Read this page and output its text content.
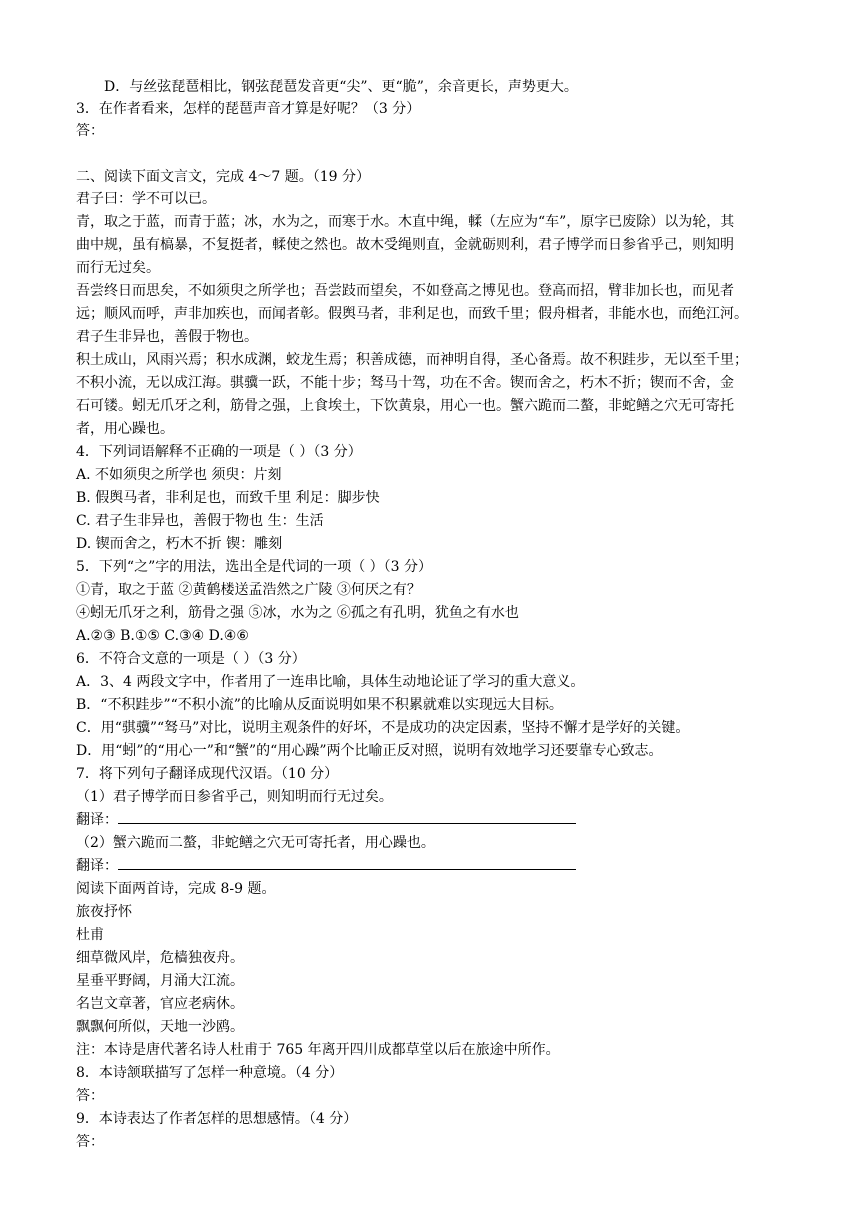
D．与丝弦琵琶相比，钢弦琵琶发音更“尖”、更“脆”，余音更长，声势更大。
3．在作者看来，怎样的琵琶声音才算是好呢？（3 分）
答：
二、阅读下面文言文，完成 4～7 题。（19 分）
君子曰：学不可以已。
青，取之于蓝，而青于蓝；冰，水为之，而寒于水。木直中绳，輮（左应为“车”，原字已废除）以为轮，其
曲中规，虽有槁暴，不复挺者，輮使之然也。故木受绳则直，金就砺则利，君子博学而日参省乎己，则知明
而行无过矣。
吾尝终日而思矣，不如须臾之所学也；吾尝跂而望矣，不如登高之博见也。登高而招，臂非加长也，而见者
远；顺风而呼，声非加疾也，而闻者彰。假舆马者，非利足也，而致千里；假舟楫者，非能水也，而绝江河。
君子生非异也，善假于物也。
积土成山，风雨兴焉；积水成渊，蛟龙生焉；积善成德，而神明自得，圣心备焉。故不积跬步，无以至千里；
不积小流，无以成江海。骐骥一跃，不能十步；驽马十驾，功在不舍。锲而舍之，朽木不折；锲而不舍，金
石可镂。蚓无爪牙之利，筋骨之强，上食埃土，下饮黄泉，用心一也。蟹六跪而二螯，非蛇鳝之穴无可寄托
者，用心躁也。
4．下列词语解释不正确的一项是（ ）（3 分）
A. 不如须臾之所学也 须臾：片刻
B. 假舆马者，非利足也，而致千里 利足：脚步快
C. 君子生非异也，善假于物也 生：生活
D. 锲而舍之，朽木不折 锲：雕刻
5．下列“之”字的用法，选出全是代词的一项（ ）（3 分）
①青，取之于蓝 ②黄鹤楼送孟浩然之广陵 ③何厌之有？
④蚓无爪牙之利，筋骨之强 ⑤冰，水为之 ⑥孤之有孔明，犹鱼之有水也
A.②③ B.①⑤ C.③④ D.④⑥
6．不符合文意的一项是（ ）（3 分）
A．3、4 两段文字中，作者用了一连串比喻，具体生动地论证了学习的重大意义。
B．“不积跬步”“不积小流”的比喻从反面说明如果不积累就难以实现远大目标。
C．用“骐骥”“驽马”对比，说明主观条件的好坏，不是成功的决定因素，坚持不懈才是学好的关键。
D．用“蚓”的“用心一”和“蟹”的“用心躁”两个比喻正反对照，说明有效地学习还要靠专心致志。
7．将下列句子翻译成现代汉语。（10 分）
（1）君子博学而日参省乎己，则知明而行无过矣。
翻译：
（2）蟹六跪而二螯，非蛇鳝之穴无可寄托者，用心躁也。
翻译：
阅读下面两首诗，完成 8-9 题。
旅夜抒怀
杜甫
细草微风岸，危樯独夜舟。
星垂平野阔，月涌大江流。
名岂文章著，官应老病休。
飘飘何所似，天地一沙鸥。
注：本诗是唐代著名诗人杜甫于 765 年离开四川成都草堂以后在旅途中所作。
8．本诗颔联描写了怎样一种意境。（4 分）
答：
9．本诗表达了作者怎样的思想感情。（4 分）
答：
